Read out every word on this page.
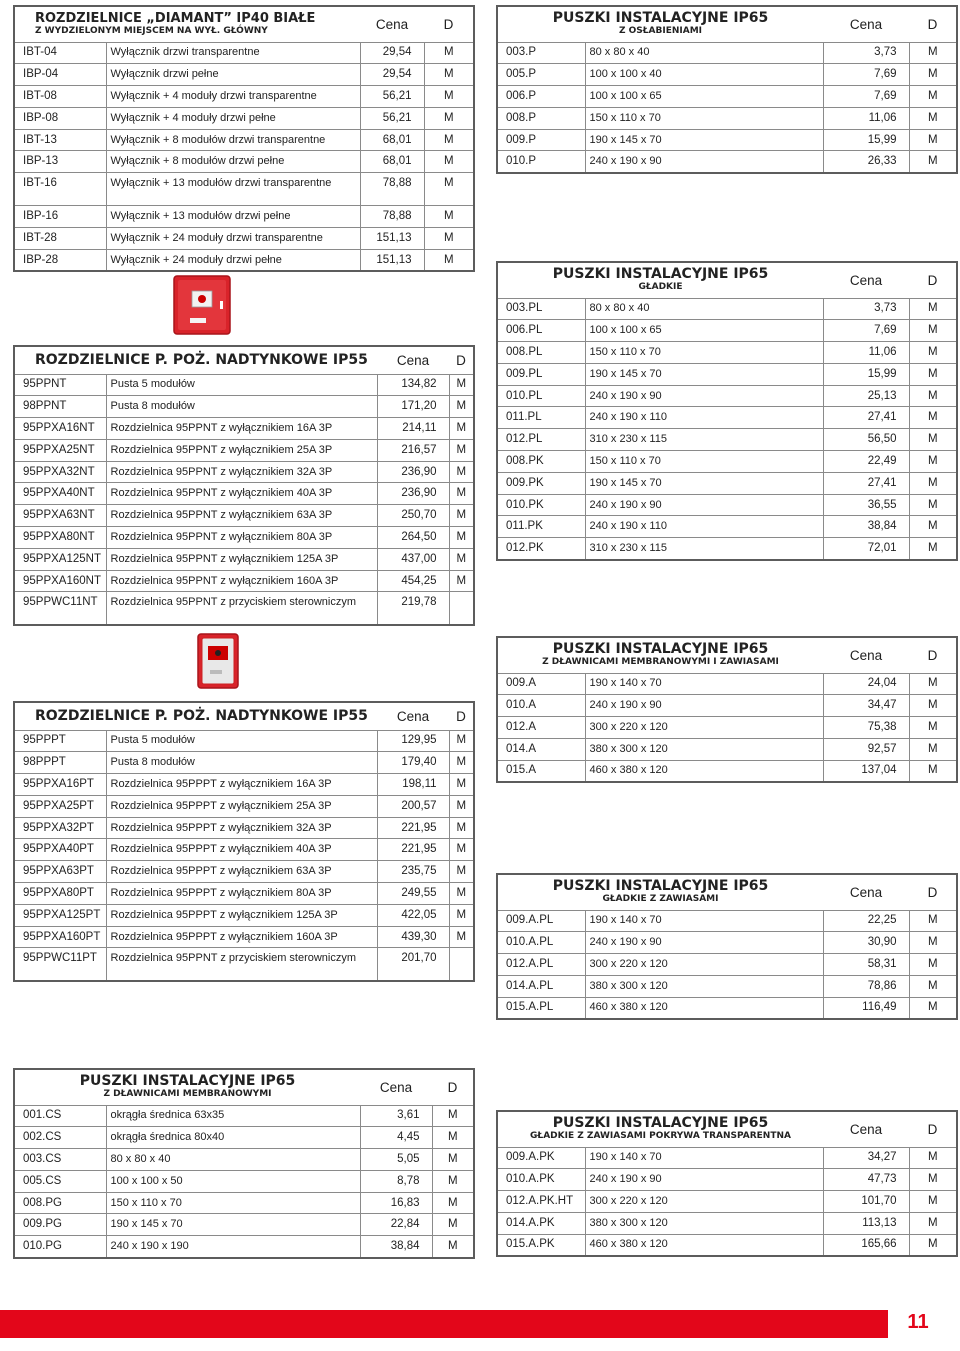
ROZDZIELNICE „DIAMANT” IP40 BIAŁE
Z WYDZIELONYM MIEJSCEM NA WYŁ. GŁÓWNY		Cena	D
IBT-04	Wyłącznik drzwi transparentne	29,54	M
IBP-04	Wyłącznik drzwi pełne	29,54	M
IBT-08	Wyłącznik + 4 moduły drzwi transparentne	56,21	M
IBP-08	Wyłącznik + 4 moduły drzwi pełne	56,21	M
IBT-13	Wyłącznik + 8 modułów drzwi transparentne	68,01	M
IBP-13	Wyłącznik + 8 modułów drzwi pełne	68,01	M
IBT-16	Wyłącznik + 13 modułów drzwi transparentne	78,88	M
IBP-16	Wyłącznik + 13 modułów drzwi pełne	78,88	M
IBT-28	Wyłącznik + 24 moduły drzwi transparentne	151,13	M
IBP-28	Wyłącznik + 24 moduły drzwi pełne	151,13	M
ROZDZIELNICE P. POŻ. NADTYNKOWE IP55		Cena	D
95PPNT	Pusta 5 modułów	134,82	M
98PPNT	Pusta 8 modułów	171,20	M
95PPXA16NT	Rozdzielnica 95PPNT z wyłącznikiem 16A 3P	214,11	M
95PPXA25NT	Rozdzielnica 95PPNT z wyłącznikiem 25A 3P	216,57	M
95PPXA32NT	Rozdzielnica 95PPNT z wyłącznikiem 32A 3P	236,90	M
95PPXA40NT	Rozdzielnica 95PPNT z wyłącznikiem 40A 3P	236,90	M
95PPXA63NT	Rozdzielnica 95PPNT z wyłącznikiem 63A 3P	250,70	M
95PPXA80NT	Rozdzielnica 95PPNT z wyłącznikiem 80A 3P	264,50	M
95PPXA125NT	Rozdzielnica 95PPNT z wyłącznikiem 125A 3P	437,00	M
95PPXA160NT	Rozdzielnica 95PPNT z wyłącznikiem 160A 3P	454,25	M
95PPWC11NT	Rozdzielnica 95PPNT z przyciskiem sterowniczym	219,78	
ROZDZIELNICE P. POŻ. NADTYNKOWE IP55		Cena	D
95PPPT	Pusta 5 modułów	129,95	M
98PPPT	Pusta 8 modułów	179,40	M
95PPXA16PT	Rozdzielnica 95PPPT z wyłącznikiem 16A 3P	198,11	M
95PPXA25PT	Rozdzielnica 95PPPT z wyłącznikiem 25A 3P	200,57	M
95PPXA32PT	Rozdzielnica 95PPPT z wyłącznikiem 32A 3P	221,95	M
95PPXA40PT	Rozdzielnica 95PPPT z wyłącznikiem 40A 3P	221,95	M
95PPXA63PT	Rozdzielnica 95PPPT z wyłącznikiem 63A 3P	235,75	M
95PPXA80PT	Rozdzielnica 95PPPT z wyłącznikiem 80A 3P	249,55	M
95PPXA125PT	Rozdzielnica 95PPPT z wyłącznikiem 125A 3P	422,05	M
95PPXA160PT	Rozdzielnica 95PPPT z wyłącznikiem 160A 3P	439,30	M
95PPWC11PT	Rozdzielnica 95PPNT z przyciskiem sterowniczym	201,70	
PUSZKI INSTALACYJNE IP65
Z DŁAWNICAMI MEMBRANOWYMI		Cena	D
001.CS	okrągła średnica 63x35	3,61	M
002.CS	okrągła średnica 80x40	4,45	M
003.CS	80 x 80 x 40	5,05	M
005.CS	100 x 100 x 50	8,78	M
008.PG	150 x 110 x 70	16,83	M
009.PG	190 x 145 x 70	22,84	M
010.PG	240 x 190 x 190	38,84	M
PUSZKI INSTALACYJNE IP65
Z OSŁABIENIAMI		Cena	D
003.P	80 x 80 x 40	3,73	M
005.P	100 x 100 x 40	7,69	M
006.P	100 x 100 x 65	7,69	M
008.P	150 x 110 x 70	11,06	M
009.P	190 x 145 x 70	15,99	M
010.P	240 x 190 x 90	26,33	M
PUSZKI INSTALACYJNE IP65
GŁADKIE		Cena	D
003.PL	80 x 80 x 40	3,73	M
006.PL	100 x 100 x 65	7,69	M
008.PL	150 x 110 x 70	11,06	M
009.PL	190 x 145 x 70	15,99	M
010.PL	240 x 190 x 90	25,13	M
011.PL	240 x 190 x 110	27,41	M
012.PL	310 x 230 x 115	56,50	M
008.PK	150 x 110 x 70	22,49	M
009.PK	190 x 145 x 70	27,41	M
010.PK	240 x 190 x 90	36,55	M
011.PK	240 x 190 x 110	38,84	M
012.PK	310 x 230 x 115	72,01	M
PUSZKI INSTALACYJNE IP65
Z DŁAWNICAMI MEMBRANOWYMI I ZAWIASAMI		Cena	D
009.A	190 x 140 x 70	24,04	M
010.A	240 x 190 x 90	34,47	M
012.A	300 x 220 x 120	75,38	M
014.A	380 x 300 x 120	92,57	M
015.A	460 x 380 x 120	137,04	M
PUSZKI INSTALACYJNE IP65
GŁADKIE Z ZAWIASAMI		Cena	D
009.A.PL	190 x 140 x 70	22,25	M
010.A.PL	240 x 190 x 90	30,90	M
012.A.PL	300 x 220 x 120	58,31	M
014.A.PL	380 x 300 x 120	78,86	M
015.A.PL	460 x 380 x 120	116,49	M
PUSZKI INSTALACYJNE IP65
GŁADKIE Z ZAWIASAMI POKRYWA TRANSPARENTNA		Cena	D
009.A.PK	190 x 140 x 70	34,27	M
010.A.PK	240 x 190 x 90	47,73	M
012.A.PK.HT	300 x 220 x 120	101,70	M
014.A.PK	380 x 300 x 120	113,13	M
015.A.PK	460 x 380 x 120	165,66	M
11
